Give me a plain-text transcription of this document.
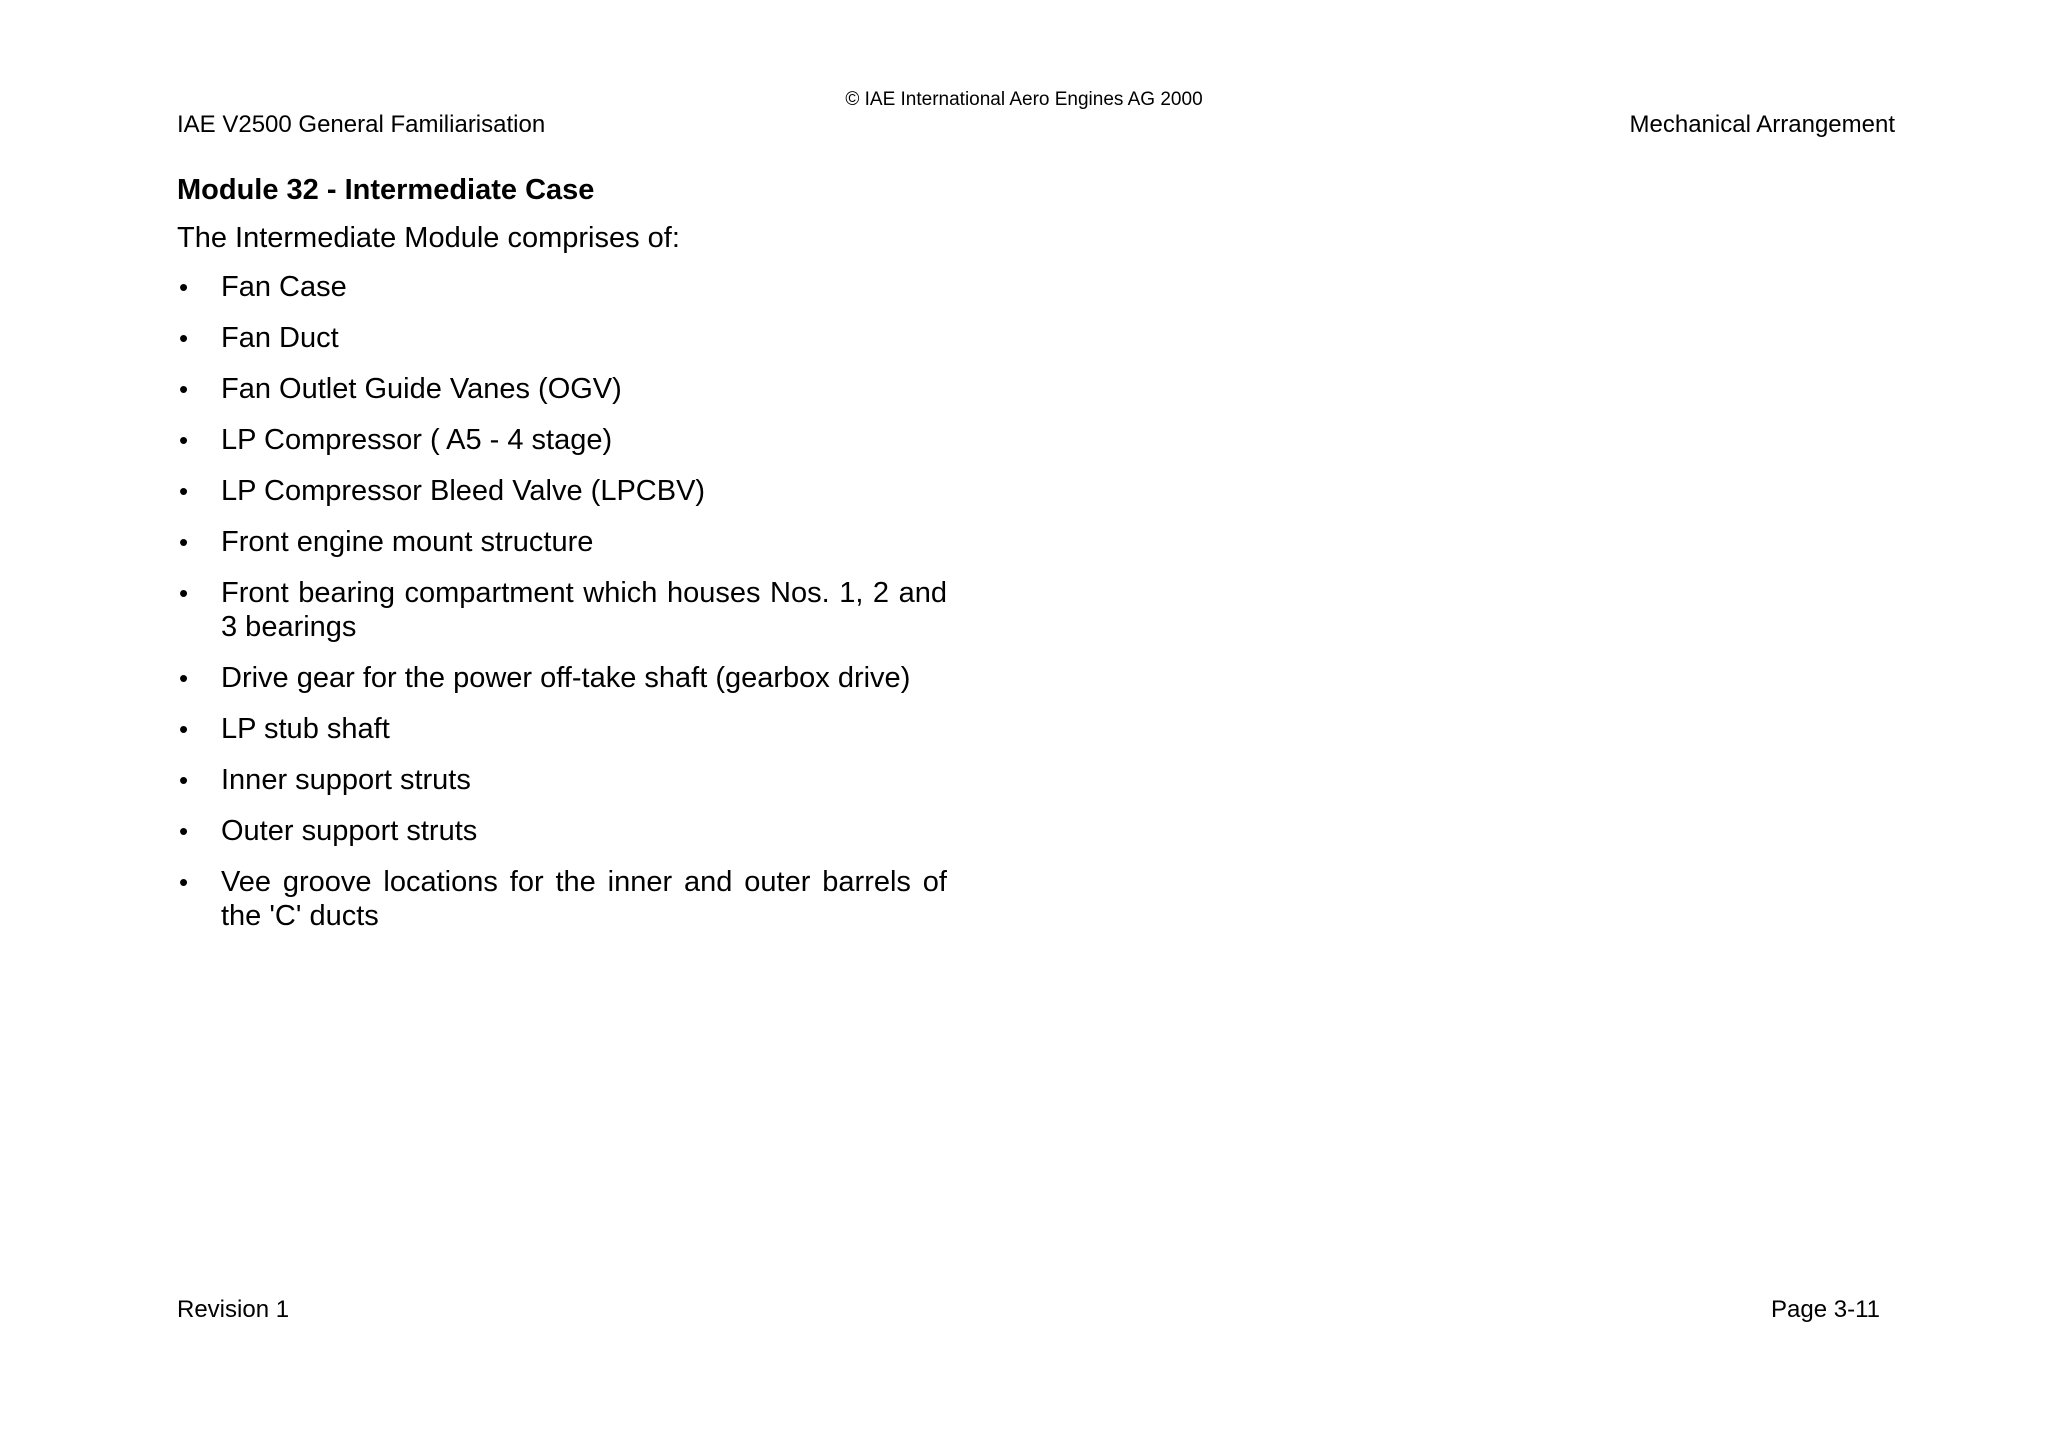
© IAE International Aero Engines AG 2000
IAE V2500 General Familiarisation	Mechanical Arrangement
Module 32 - Intermediate Case
The Intermediate Module comprises of:
•	Fan Case
•	Fan Duct
•	Fan Outlet Guide Vanes (OGV)
•	LP Compressor ( A5 - 4 stage)
•	LP Compressor Bleed Valve (LPCBV)
•	Front engine mount structure
•	Front bearing compartment which houses Nos. 1, 2 and 3 bearings
•	Drive gear for the power off-take shaft (gearbox drive)
•	LP stub shaft
•	Inner support struts
•	Outer support struts
•	Vee groove locations for the inner and outer barrels of the 'C' ducts
Revision 1	Page 3-11
